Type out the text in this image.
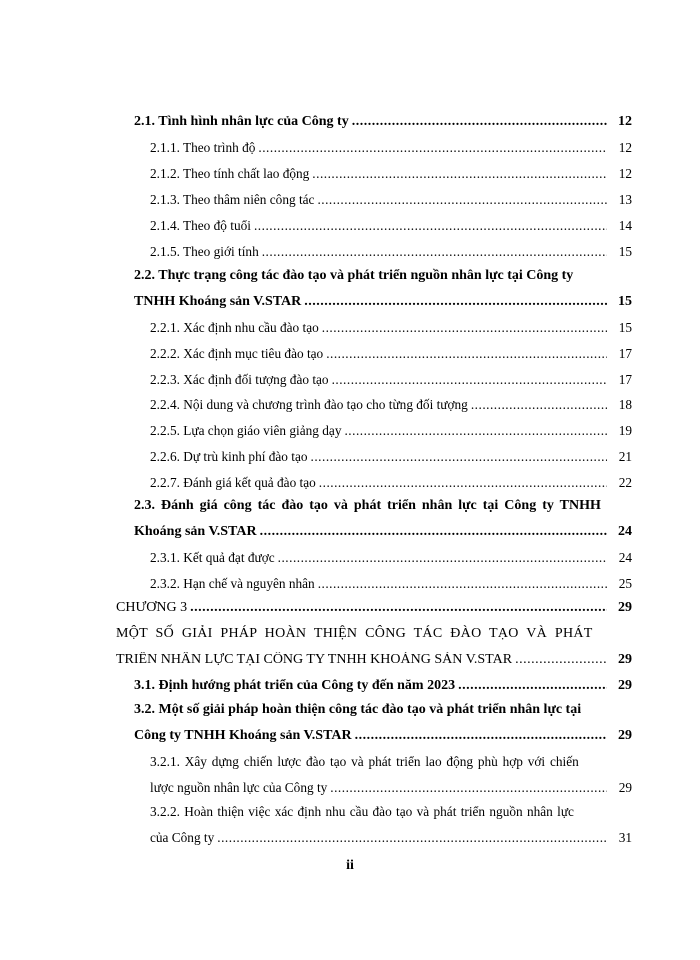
2.1. Tình hình nhân lực của Công ty .....	12
2.1.1. Theo trình độ .....	12
2.1.2. Theo tính chất lao động .....	12
2.1.3. Theo thâm niên công tác .....	13
2.1.4. Theo độ tuổi .....	14
2.1.5. Theo giới tính .....	15
2.2. Thực trạng công tác đào tạo và phát triển nguồn nhân lực tại Công ty
TNHH Khoáng sản V.STAR .....	15
2.2.1. Xác định nhu cầu đào tạo .....	15
2.2.2. Xác định mục tiêu đào tạo .....	17
2.2.3. Xác định đối tượng đào tạo .....	17
2.2.4. Nội dung và chương trình đào tạo cho từng đối tượng .....	18
2.2.5. Lựa chọn giáo viên giảng dạy .....	19
2.2.6. Dự trù kinh phí đào tạo .....	21
2.2.7. Đánh giá kết quả đào tạo .....	22
2.3. Đánh giá công tác đào tạo và phát triển nhân lực tại Công ty TNHH
Khoáng sản V.STAR .....	24
2.3.1. Kết quả đạt được .....	24
2.3.2. Hạn chế và nguyên nhân .....	25
CHƯƠNG 3 .....	29
MỘT SỐ GIẢI PHÁP HOÀN THIỆN CÔNG TÁC ĐÀO TẠO VÀ PHÁT
TRIỂN NHÂN LỰC TẠI CÔNG TY TNHH KHOÁNG SẢN V.STAR .....	29
3.1. Định hướng phát triển của Công ty đến năm 2023 .....	29
3.2. Một số giải pháp hoàn thiện công tác đào tạo và phát triển nhân lực tại
Công ty TNHH Khoáng sản V.STAR .....	29
3.2.1. Xây dựng chiến lược đào tạo và phát triển lao động phù hợp với chiến
lược nguồn nhân lực của Công ty .....	29
3.2.2. Hoàn thiện việc xác định nhu cầu đào tạo và phát triển nguồn nhân lực
của Công ty .....	31
ii
